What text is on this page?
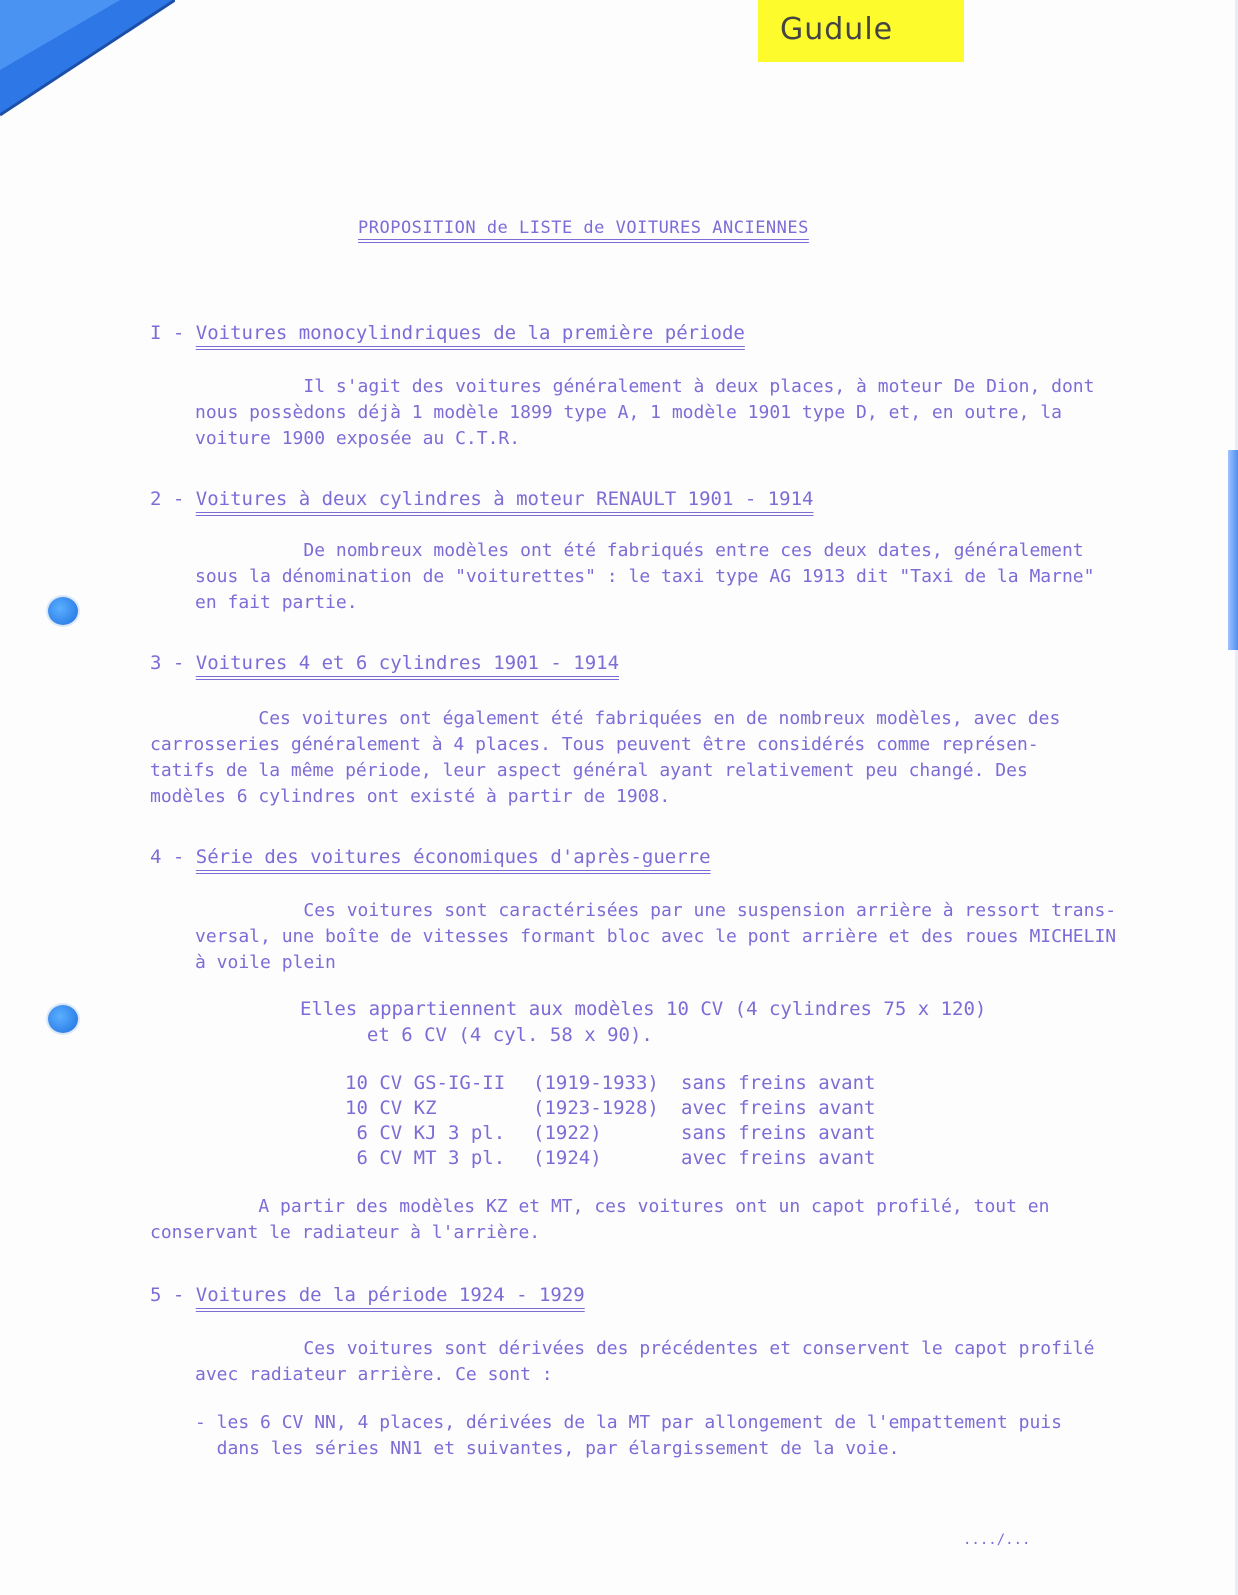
Gudule
PROPOSITION de LISTE de VOITURES ANCIENNES
I - Voitures monocylindriques de la première période
Il s'agit des voitures généralement à deux places, à moteur De Dion, dont
nous possèdons déjà 1 modèle 1899 type A, 1 modèle 1901 type D, et, en outre, la
voiture 1900 exposée au C.T.R.
2 - Voitures à deux cylindres à moteur RENAULT 1901 - 1914
De nombreux modèles ont été fabriqués entre ces deux dates, généralement
sous la dénomination de "voiturettes" : le taxi type AG 1913 dit "Taxi de la Marne"
en fait partie.
3 - Voitures 4 et 6 cylindres 1901 - 1914
Ces voitures ont également été fabriquées en de nombreux modèles, avec des
carrosseries généralement à 4 places. Tous peuvent être considérés comme représen-
tatifs de la même période, leur aspect général ayant relativement peu changé. Des
modèles 6 cylindres ont existé à partir de 1908.
4 - Série des voitures économiques d'après-guerre
Ces voitures sont caractérisées par une suspension arrière à ressort trans-
versal, une boîte de vitesses formant bloc avec le pont arrière et des roues MICHELIN
à voile plein
Elles appartiennent aux modèles 10 CV (4 cylindres 75 x 120)
et 6 CV (4 cyl. 58 x 90).
10 CV GS-IG-II (1919-1933) sans freins avant
10 CV KZ	(1923-1928) avec freins avant
6 CV KJ 3 pl. (1922)	sans freins avant
6 CV MT 3 pl. (1924)	avec freins avant
A partir des modèles KZ et MT, ces voitures ont un capot profilé, tout en
conservant le radiateur à l'arrière.
5 - Voitures de la période 1924 - 1929
Ces voitures sont dérivées des précédentes et conservent le capot profilé
avec radiateur arrière. Ce sont :
- les 6 CV NN, 4 places, dérivées de la MT par allongement de l'empattement puis
dans les séries NN1 et suivantes, par élargissement de la voie.
..../...
